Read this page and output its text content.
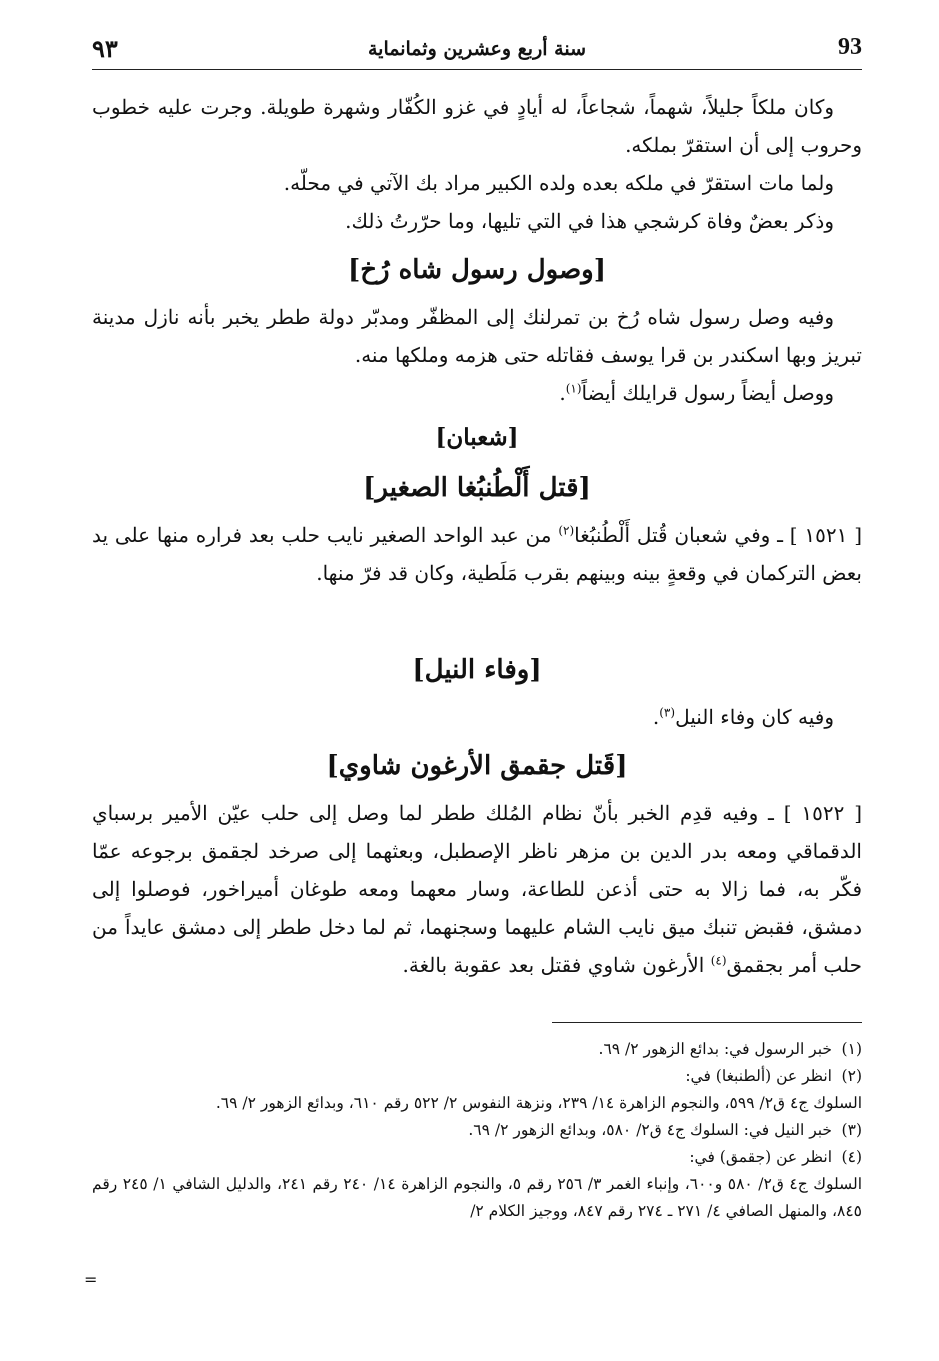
٩٣	سنة أربع وعشرين وثمانماية	93

وكان ملكاً جليلاً، شهماً، شجاعاً، له أيادٍ في غزو الكُفّار وشهرة طويلة. وجرت عليه خطوب وحروب إلى أن استقرّ بملكه.

ولما مات استقرّ في ملكه بعده ولده الكبير مراد بك الآتي في محلّه.

وذكر بعضٌ وفاة كرشجي هذا في التي تليها، وما حرّرتُ ذلك.

[وصول رسول شاه رُخ]

وفيه وصل رسول شاه رُخ بن تمرلنك إلى المظفّر ومدبّر دولة ططر يخبر بأنه نازل مدينة تبريز وبها اسكندر بن قرا يوسف فقاتله حتى هزمه وملكها منه.

ووصل أيضاً رسول قرايلك أيضاً$^{(١)}$.

[شعبان]
[قتل أَلْطُنبُغا الصغير]

[ ١٥٢١ ] ـ وفي شعبان قُتل أَلْطُنبُغا$^{(٢)}$ من عبد الواحد الصغير نايب حلب بعد فراره منها على يد بعض التركمان في وقعةٍ بينه وبينهم بقرب مَلَطية، وكان قد فرّ منها.

[وفاء النيل]

وفيه كان وفاء النيل$^{(٣)}$.

[قَتل جقمق الأرغون شاوي]

[ ١٥٢٢ ] ـ وفيه قدِم الخبر بأنّ نظام المُلك ططر لما وصل إلى حلب عيّن الأمير برسباي الدقماقي ومعه بدر الدين بن مزهر ناظر الإصطبل، وبعثهما إلى صرخد لجقمق برجوعه عمّا فكّر به، فما زالا به حتى أذعن للطاعة، وسار معهما ومعه طوغان أميراخور، فوصلوا إلى دمشق، فقبض تنبك ميق نايب الشام عليهما وسجنهما، ثم لما دخل ططر إلى دمشق عايداً من حلب أمر بجقمق$^{(٤)}$ الأرغون شاوي فقتل بعد عقوبة بالغة.

(١)خبر الرسول في: بدائع الزهور ٢/ ٦٩.

(٢)انظر عن (ألطنبغا) في:

السلوك ج٤ ق٢/ ٥٩٩، والنجوم الزاهرة ١٤/ ٢٣٩، ونزهة النفوس ٢/ ٥٢٢ رقم ٦١٠، وبدائع الزهور ٢/ ٦٩.

(٣)خبر النيل في: السلوك ج٤ ق٢/ ٥٨٠، وبدائع الزهور ٢/ ٦٩.

(٤)انظر عن (جقمق) في:

السلوك ج٤ ق٢/ ٥٨٠ و٦٠٠، وإنباء الغمر ٣/ ٢٥٦ رقم ٥، والنجوم الزاهرة ١٤/ ٢٤٠ رقم ٢٤١، والدليل الشافي ١/ ٢٤٥ رقم ٨٤٥، والمنهل الصافي ٤/ ٢٧١ ـ ٢٧٤ رقم ٨٤٧، ووجيز الكلام ٢/

=
